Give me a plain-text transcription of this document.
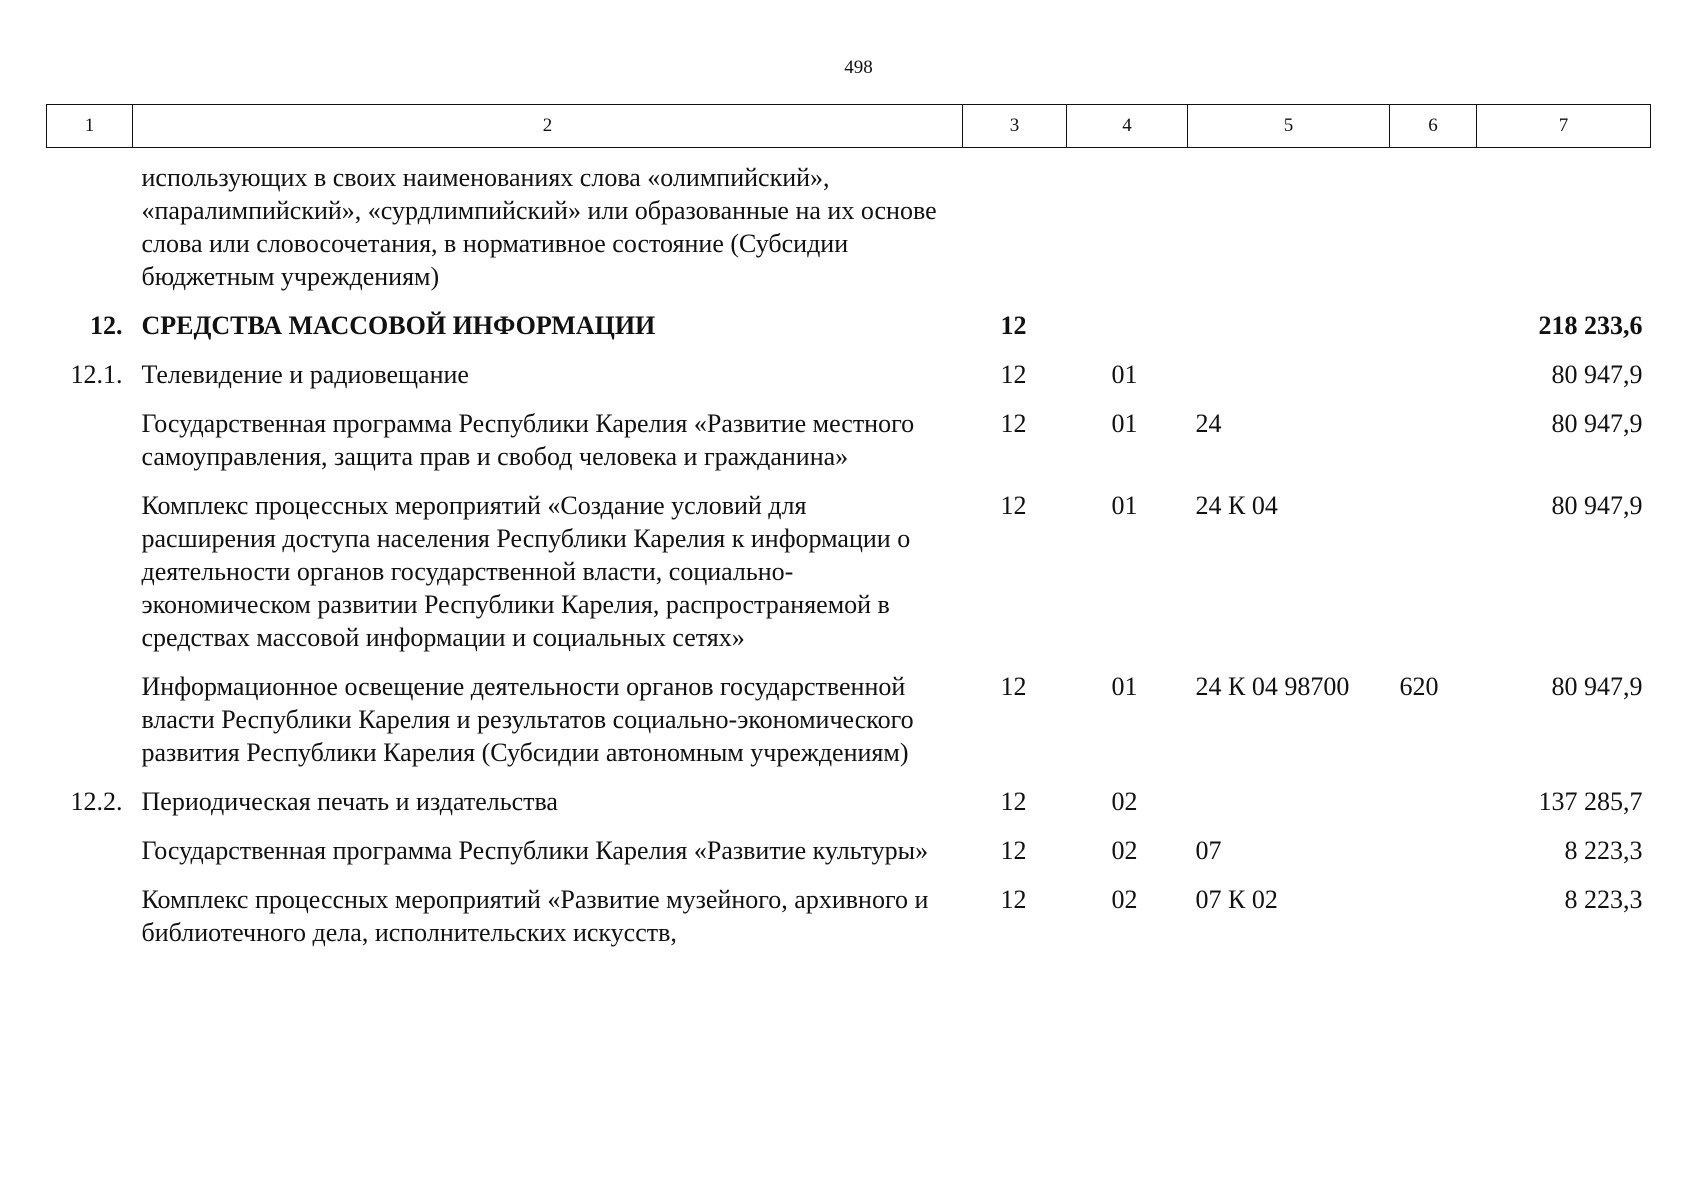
498
1	2	3	4	5	6	7
	использующих в своих наименованиях слова «олимпийский», «паралимпийский», «сурдлимпийский» или образованные на их основе слова или словосочетания, в нормативное состояние (Субсидии бюджетным учреждениям)					
12.	СРЕДСТВА МАССОВОЙ ИНФОРМАЦИИ	12				218 233,6
12.1.	Телевидение и радиовещание	12	01			80 947,9
	Государственная программа Республики Карелия «Развитие местного самоуправления, защита прав и свобод человека и гражданина»	12	01	24		80 947,9
	Комплекс процессных мероприятий «Создание условий для расширения доступа населения Республики Карелия к информации о деятельности органов государственной власти, социально-экономическом развитии Республики Карелия, распространяемой в средствах массовой информации и социальных сетях»	12	01	24 К 04		80 947,9
	Информационное освещение деятельности органов государственной власти Республики Карелия и результатов социально-экономического развития Республики Карелия (Субсидии автономным учреждениям)	12	01	24 К 04 98700	620	80 947,9
12.2.	Периодическая печать и издательства	12	02			137 285,7
	Государственная программа Республики Карелия «Развитие культуры»	12	02	07		8 223,3
	Комплекс процессных мероприятий «Развитие музейного, архивного и библиотечного дела, исполнительских искусств,	12	02	07 К 02		8 223,3
